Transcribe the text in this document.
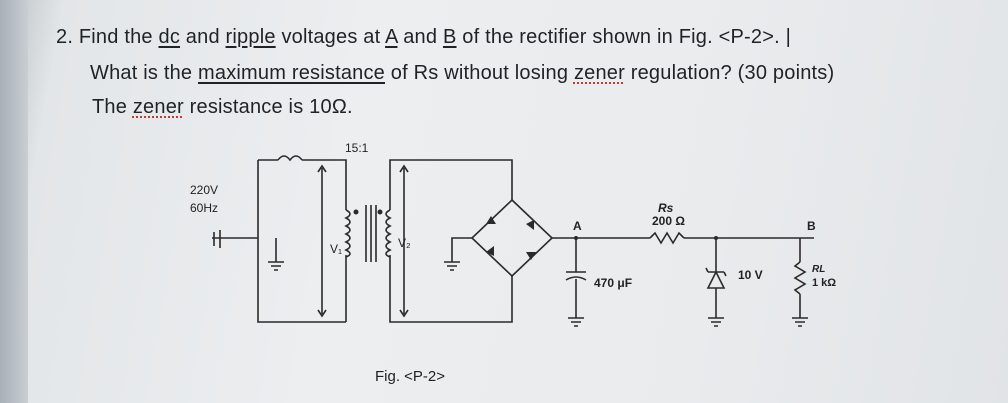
2. Find the dc and ripple voltages at A and B of the rectifier shown in Fig. <P-2>. |
What is the maximum resistance of Rs without losing zener regulation? (30 points)
The zener resistance is 10Ω.
15:1
220V
60Hz
V₁	V₂
A	B
Rs
200 Ω
470 μF
10 V	RL
1 kΩ
Fig. <P-2>
